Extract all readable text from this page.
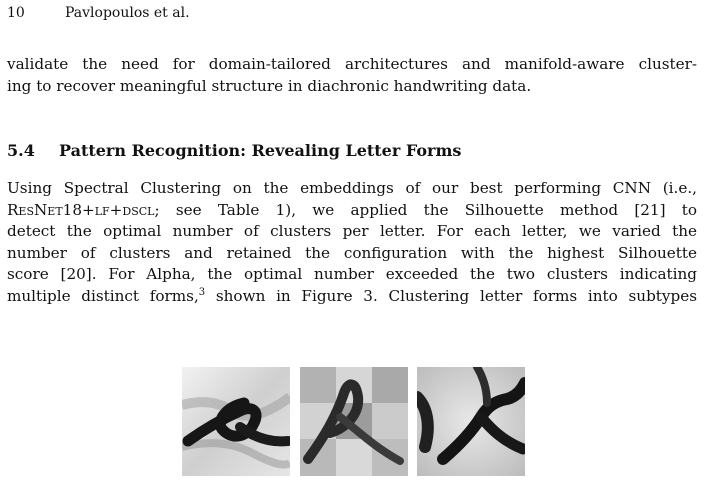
10	Pavlopoulos et al.

validate the need for domain-tailored architectures and manifold-aware cluster-
ing to recover meaningful structure in diachronic handwriting data.

5.4 Pattern Recognition: Revealing Letter Forms

Using Spectral Clustering on the embeddings of our best performing CNN (i.e.,
ResNet18+lf+dscl; see Table 1), we applied the Silhouette method [21] to
detect the optimal number of clusters per letter. For each letter, we varied the
number of clusters and retained the configuration with the highest Silhouette
score [20]. For Alpha, the optimal number exceeded the two clusters indicating
multiple distinct forms,$^3$ shown in Figure 3. Clustering letter forms into subtypes
